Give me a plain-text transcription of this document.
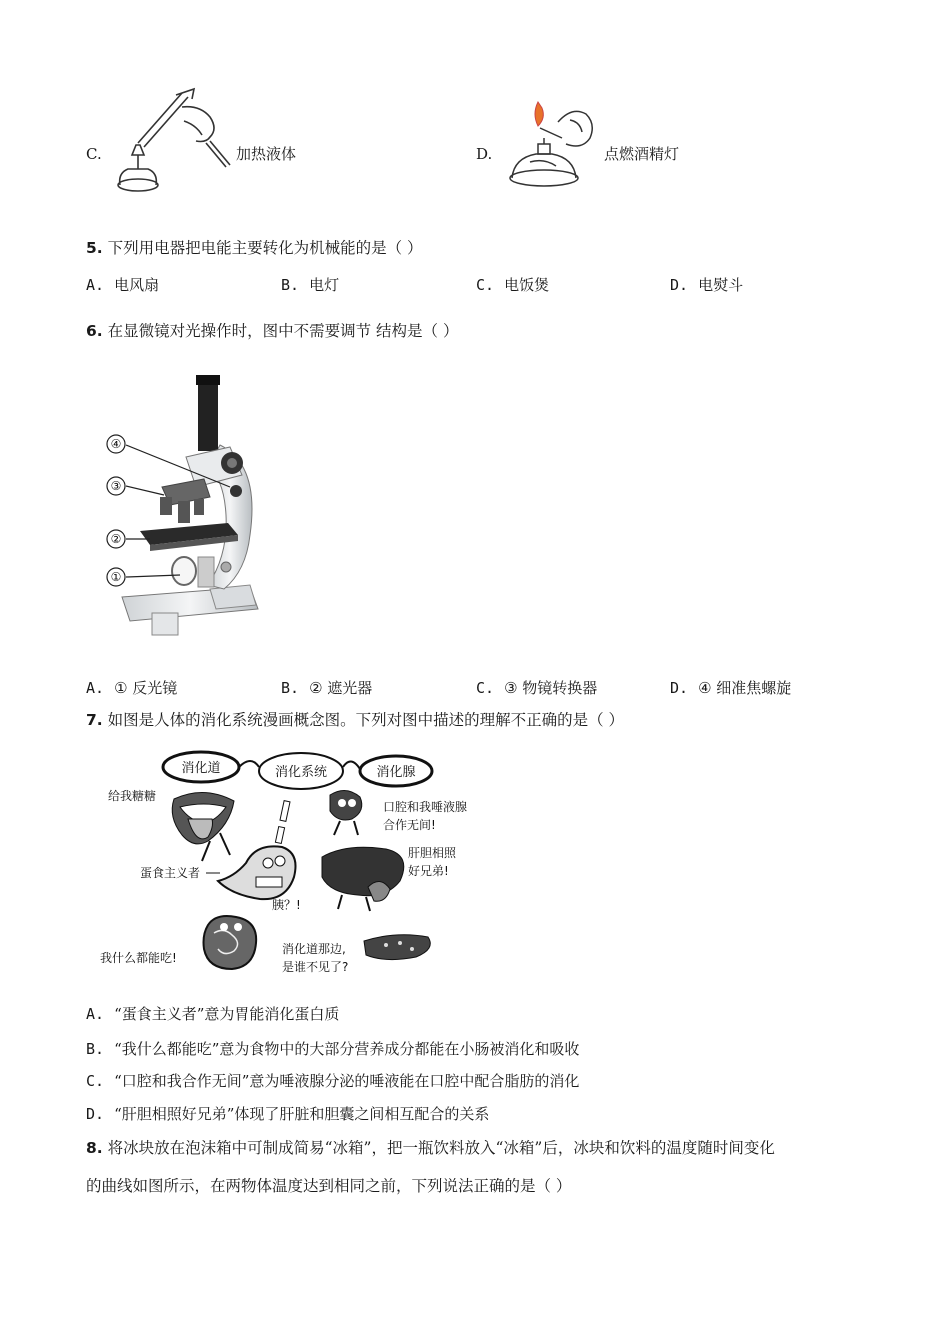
C.	加热液体	D.	点燃酒精灯
5. 下列用电器把电能主要转化为机械能的是（ ）
A. 电风扇	B. 电灯	C. 电饭煲	D. 电熨斗
6. 在显微镜对光操作时，图中不需要调节 结构是（ ）
④
③
②
①
A. ① 反光镜	B. ② 遮光器	C. ③ 物镜转换器	D. ④ 细准焦螺旋
7. 如图是人体的消化系统漫画概念图。下列对图中描述的理解不正确的是（ ）
消化道	消化系统	消化腺
给我糖糖
口腔和我唾液腺
合作无间!
蛋食主义者
胰？!
肝胆相照
好兄弟!
我什么都能吃!
消化道那边,
是谁不见了?
A. “蛋食主义者”意为胃能消化蛋白质
B. “我什么都能吃”意为食物中的大部分营养成分都能在小肠被消化和吸收
C. “口腔和我合作无间”意为唾液腺分泌的唾液能在口腔中配合脂肪的消化
D. “肝胆相照好兄弟”体现了肝脏和胆囊之间相互配合的关系
8. 将冰块放在泡沫箱中可制成简易“冰箱”，把一瓶饮料放入“冰箱”后，冰块和饮料的温度随时间变化
的曲线如图所示，在两物体温度达到相同之前，下列说法正确的是（ ）
